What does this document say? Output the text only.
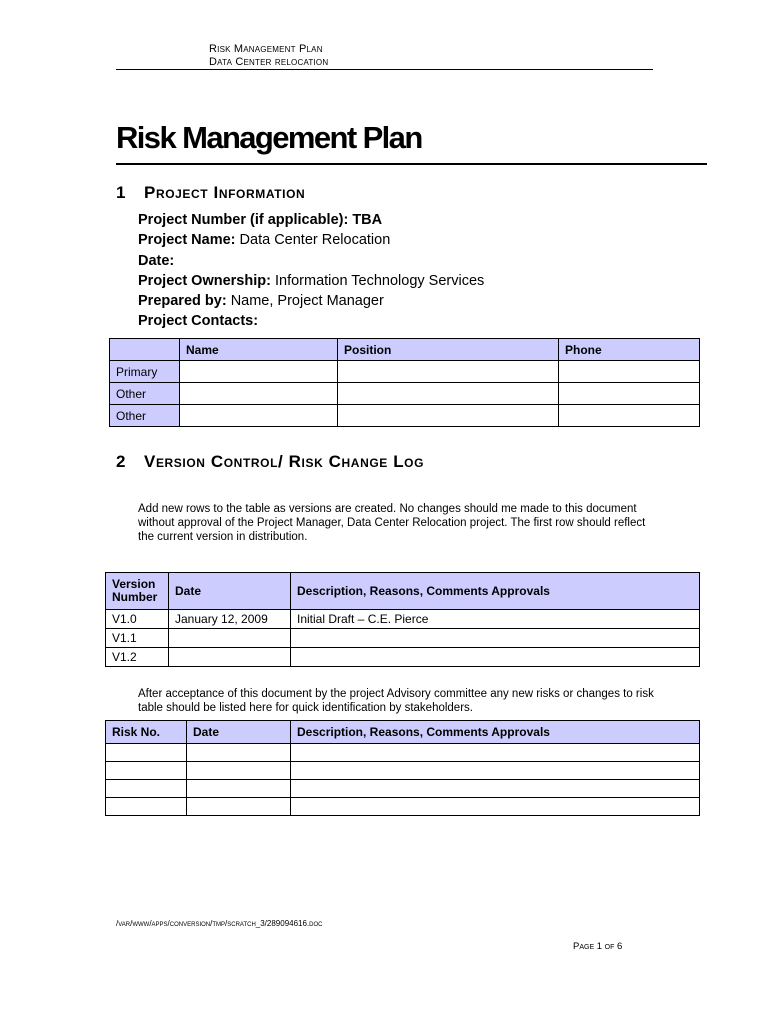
Risk Management Plan
Data Center relocation
Risk Management Plan
1 Project Information
Project Number (if applicable): TBA
Project Name: Data Center Relocation
Date:
Project Ownership: Information Technology Services
Prepared by: Name, Project Manager
Project Contacts:
	Name	Position	Phone
Primary			
Other			
Other			
2 Version Control/ Risk Change Log
Add new rows to the table as versions are created. No changes should me made to this document without approval of the Project Manager, Data Center Relocation project. The first row should reflect the current version in distribution.
Version Number	Date	Description, Reasons, Comments Approvals
V1.0	January 12, 2009	Initial Draft – C.E. Pierce
V1.1		
V1.2		
After acceptance of this document by the project Advisory committee any new risks or changes to risk table should be listed here for quick identification by stakeholders.
Risk No.	Date	Description, Reasons, Comments Approvals

/var/www/apps/conversion/tmp/scratch_3/289094616.doc
Page 1 of 6
